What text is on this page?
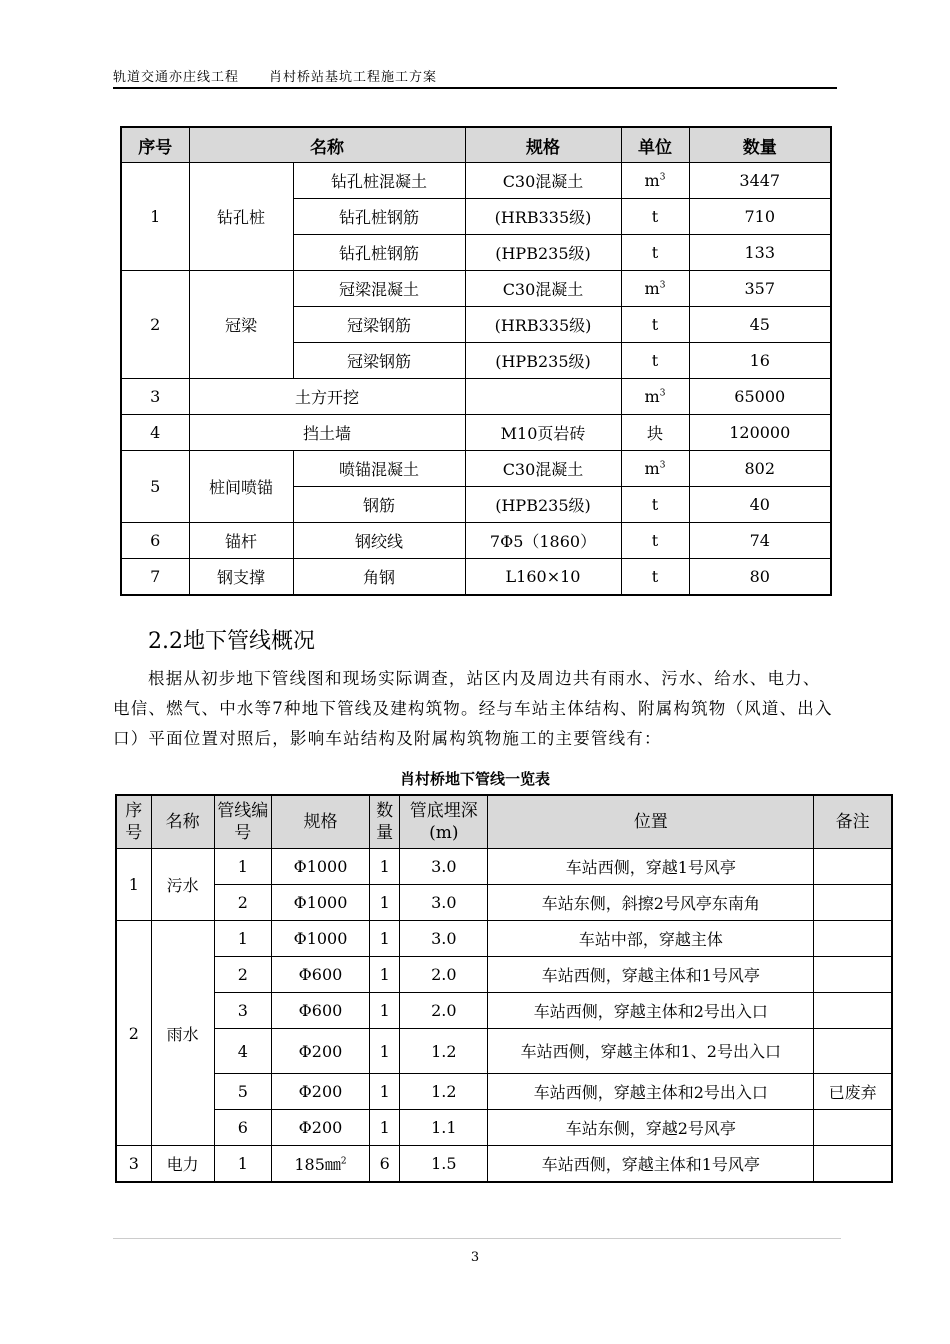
轨道交通亦庄线工程 肖村桥站基坑工程施工方案
序号	名称		规格	单位	数量
1	钻孔桩	钻孔桩混凝土	C30混凝土	$m^3$	3447
		钻孔桩钢筋	(HRB335级)	t	710
		钻孔桩钢筋	(HPB235级)	t	133
2	冠梁	冠梁混凝土	C30混凝土	$m^3$	357
		冠梁钢筋	(HRB335级)	t	45
		冠梁钢筋	(HPB235级)	t	16
3	土方开挖			$m^3$	65000
4	挡土墙		M10页岩砖	块	120000
5	桩间喷锚	喷锚混凝土	C30混凝土	$m^3$	802
		钢筋	(HPB235级)	t	40
6	锚杆	钢绞线	7Φ5（1860）	t	74
7	钢支撑	角钢	L160×10	t	80
2.2地下管线概况
根据从初步地下管线图和现场实际调查，站区内及周边共有雨水、污水、给水、电力、电信、燃气、中水等7种地下管线及建构筑物。经与车站主体结构、附属构筑物（风道、出入口）平面位置对照后，影响车站结构及附属构筑物施工的主要管线有：
肖村桥地下管线一览表
序号	名称	管线编号	规格	数量	管底埋深(m)	位置	备注
1	污水	1	Φ1000	1	3.0	车站西侧，穿越1号风亭	
		2	Φ1000	1	3.0	车站东侧，斜擦2号风亭东南角	
2	雨水	1	Φ1000	1	3.0	车站中部，穿越主体	
		2	Φ600	1	2.0	车站西侧，穿越主体和1号风亭	
		3	Φ600	1	2.0	车站西侧，穿越主体和2号出入口	
		4	Φ200	1	1.2	车站西侧，穿越主体和1、2号出入口	
		5	Φ200	1	1.2	车站西侧，穿越主体和2号出入口	已废弃
		6	Φ200	1	1.1	车站东侧，穿越2号风亭	
3	电力	1	185㎜$^2$	6	1.5	车站西侧，穿越主体和1号风亭	
3
